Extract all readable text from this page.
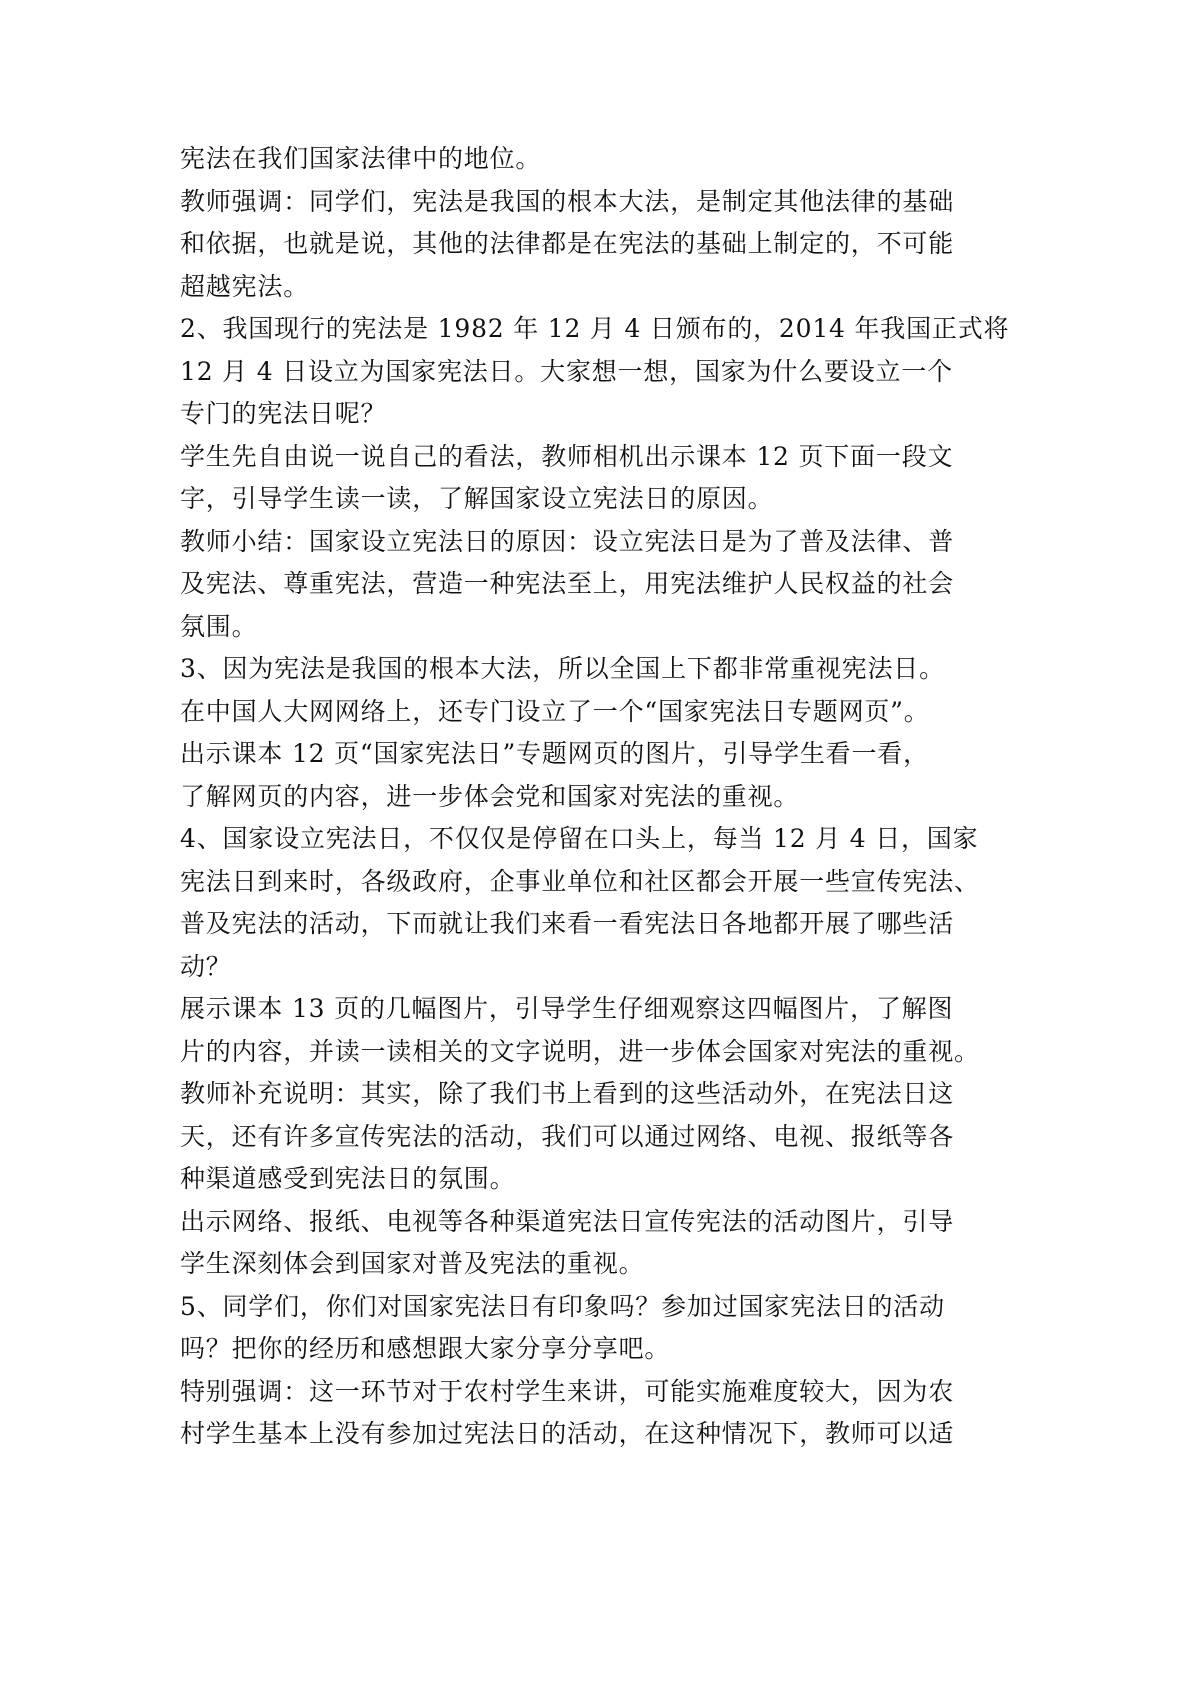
宪法在我们国家法律中的地位。
教师强调：同学们，宪法是我国的根本大法，是制定其他法律的基础
和依据，也就是说，其他的法律都是在宪法的基础上制定的，不可能
超越宪法。
2、我国现行的宪法是 1982 年 12 月 4 日颁布的，2014 年我国正式将
12 月 4 日设立为国家宪法日。大家想一想，国家为什么要设立一个
专门的宪法日呢？
学生先自由说一说自己的看法，教师相机出示课本 12 页下面一段文
字，引导学生读一读，了解国家设立宪法日的原因。
教师小结：国家设立宪法日的原因：设立宪法日是为了普及法律、普
及宪法、尊重宪法，营造一种宪法至上，用宪法维护人民权益的社会
氛围。
3、因为宪法是我国的根本大法，所以全国上下都非常重视宪法日。
在中国人大网网络上，还专门设立了一个“国家宪法日专题网页”。
出示课本 12 页“国家宪法日”专题网页的图片，引导学生看一看，
了解网页的内容，进一步体会党和国家对宪法的重视。
4、国家设立宪法日，不仅仅是停留在口头上，每当 12 月 4 日，国家
宪法日到来时，各级政府，企事业单位和社区都会开展一些宣传宪法、
普及宪法的活动，下而就让我们来看一看宪法日各地都开展了哪些活
动？
展示课本 13 页的几幅图片，引导学生仔细观察这四幅图片，了解图
片的内容，并读一读相关的文字说明，进一步体会国家对宪法的重视。
教师补充说明：其实，除了我们书上看到的这些活动外，在宪法日这
天，还有许多宣传宪法的活动，我们可以通过网络、电视、报纸等各
种渠道感受到宪法日的氛围。
出示网络、报纸、电视等各种渠道宪法日宣传宪法的活动图片，引导
学生深刻体会到国家对普及宪法的重视。
5、同学们，你们对国家宪法日有印象吗？参加过国家宪法日的活动
吗？把你的经历和感想跟大家分享分享吧。
特别强调：这一环节对于农村学生来讲，可能实施难度较大，因为农
村学生基本上没有参加过宪法日的活动，在这种情况下，教师可以适
